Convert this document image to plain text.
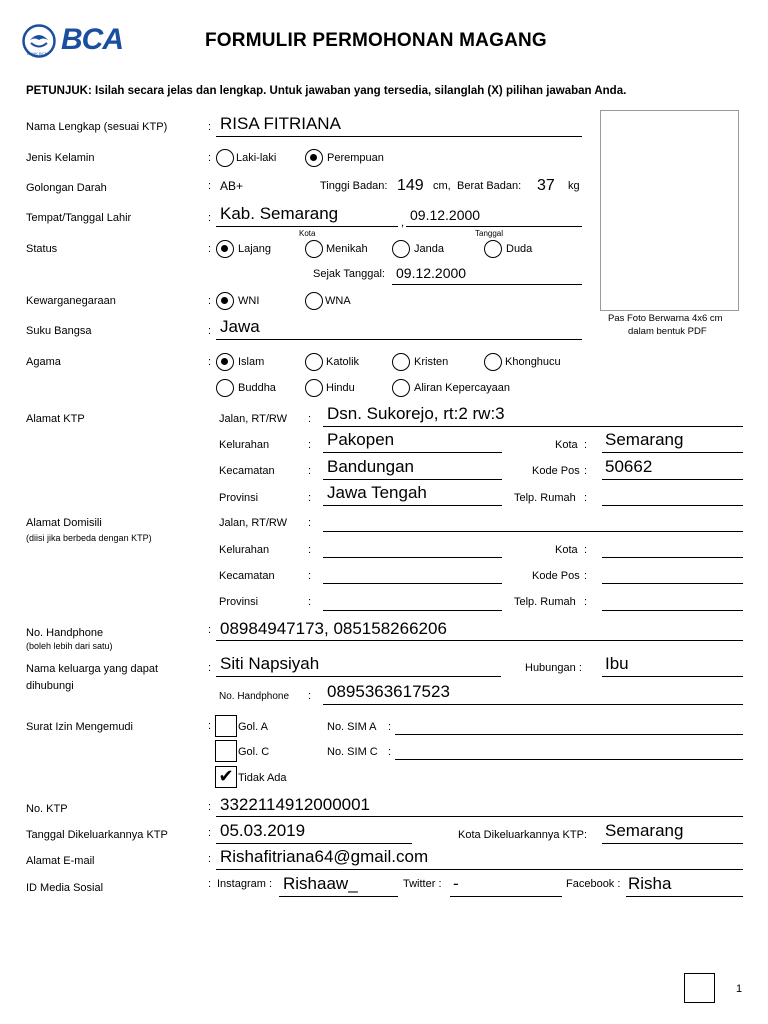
BANK BCA BCA	FORMULIR PERMOHONAN MAGANG
PETUNJUK: Isilah secara jelas dan lengkap. Untuk jawaban yang tersedia, silanglah (X) pilihan jawaban Anda.
Pas Foto Berwarna 4x6 cm
dalam bentuk PDF
Nama Lengkap (sesuai KTP)	: RISA FITRIANA
Jenis Kelamin	: Laki-laki	Perempuan
Golongan Darah	: AB+	Tinggi Badan: 149 cm, Berat Badan: 37 kg
Tempat/Tanggal Lahir	: Kab. Semarang	, 09.12.2000
Kota	Tanggal
Status	: Lajang	Menikah	Janda	Duda
Sejak Tanggal: 09.12.2000
Kewarganegaraan	: WNI	WNA
Suku Bangsa	: Jawa
Agama	: Islam	Katolik	Kristen	Khonghucu
Buddha	Hindu	Aliran Kepercayaan
Alamat KTP	Jalan, RT/RW : Dsn. Sukorejo, rt:2 rw:3
Kelurahan	: Pakopen	Kota : Semarang
Kecamatan	: Bandungan	Kode Pos : 50662
Provinsi	: Jawa Tengah	Telp. Rumah :
Alamat Domisili
(diisi jika berbeda dengan KTP)
Jalan, RT/RW :
Kelurahan	:	Kota :
Kecamatan	:	Kode Pos :
Provinsi	:	Telp. Rumah :
No. Handphone
(boleh lebih dari satu)
: 08984947173, 085158266206
Nama keluarga yang dapat
dihubungi
: Siti Napsiyah	Hubungan : Ibu
No. Handphone : 0895363617523
Surat Izin Mengemudi	: Gol. A	No. SIM A :
Gol. C	No. SIM C :
✔ Tidak Ada
No. KTP	: 3322114912000001
Tanggal Dikeluarkannya KTP	: 05.03.2019	Kota Dikeluarkannya KTP: Semarang
Alamat E-mail	: Rishafitriana64@gmail.com
ID Media Sosial	: Instagram : Rishaaw_	Twitter : -	Facebook : Risha
1
